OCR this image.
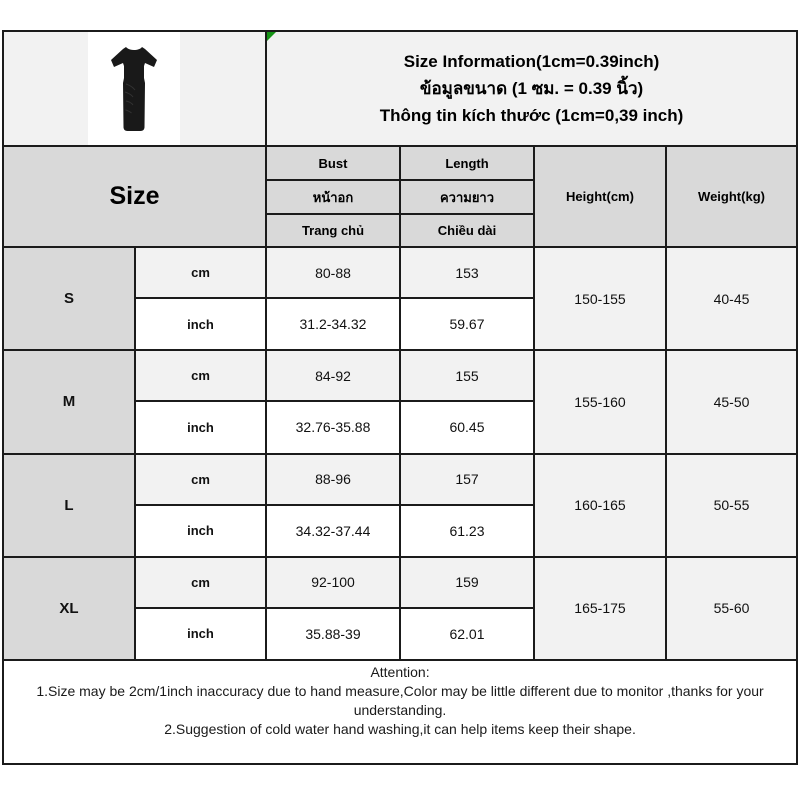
Size Information(1cm=0.39inch)
ข้อมูลขนาด (1 ซม. = 0.39 นิ้ว)
Thông tin kích thước (1cm=0,39 inch)			

Size		Bust	Length	Height(cm)	Weight(kg)
		หน้าอก	ความยาว		
		Trang chủ	Chiều dài		
S	cm	80-88	153	150-155	40-45
	inch	31.2-34.32	59.67		
M	cm	84-92	155	155-160	45-50
	inch	32.76-35.88	60.45		
L	cm	88-96	157	160-165	50-55
	inch	34.32-37.44	61.23		
XL	cm	92-100	159	165-175	55-60
	inch	35.88-39	62.01		

Attention:
1.Size may be 2cm/1inch inaccuracy due to hand measure,Color may be little different due to monitor ,thanks for your understanding.
2.Suggestion of cold water hand washing,it can help items keep their shape.					
